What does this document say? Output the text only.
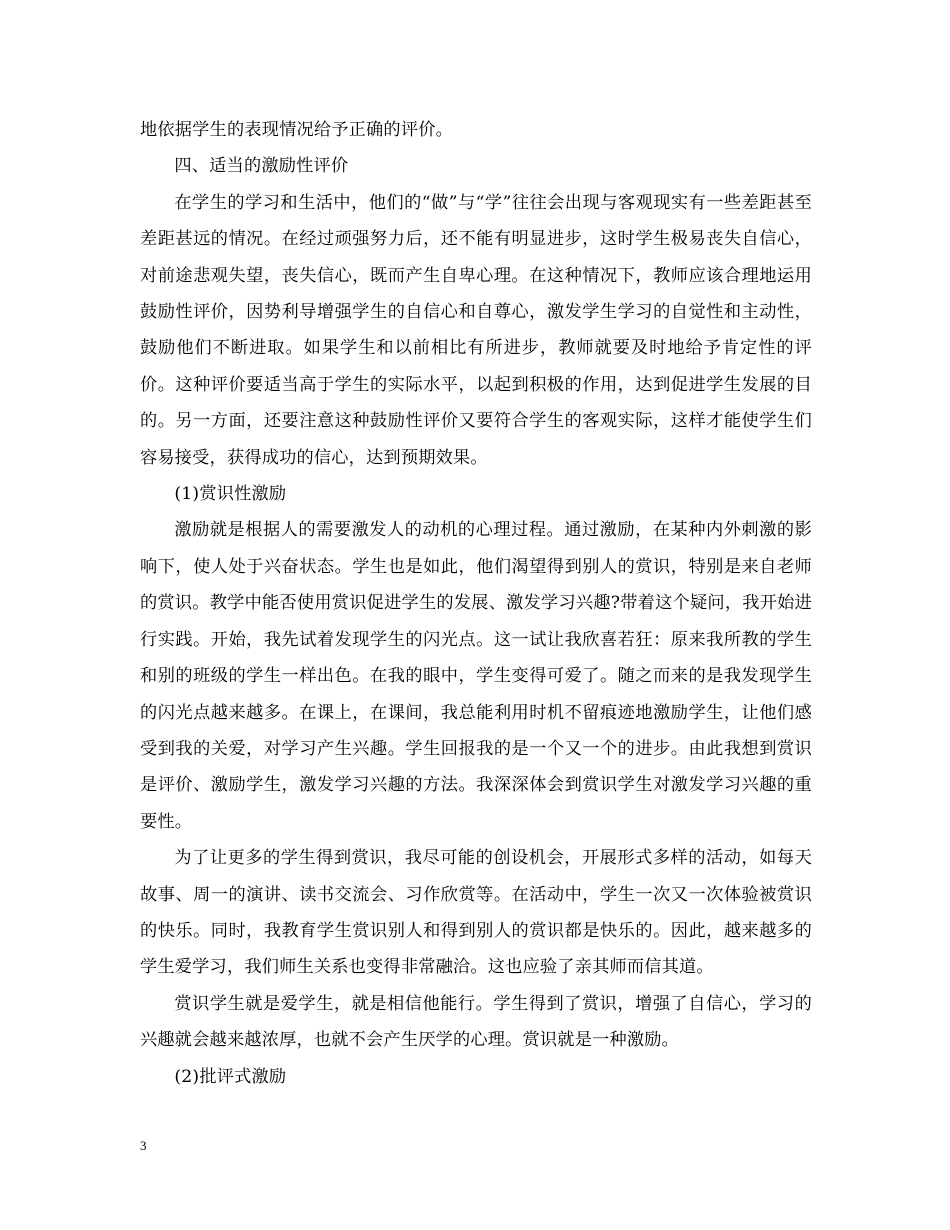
地依据学生的表现情况给予正确的评价。

四、适当的激励性评价

在学生的学习和生活中，他们的“做”与“学”往往会出现与客观现实有一些差距甚至差距甚远的情况。在经过顽强努力后，还不能有明显进步，这时学生极易丧失自信心，对前途悲观失望，丧失信心，既而产生自卑心理。在这种情况下，教师应该合理地运用鼓励性评价，因势利导增强学生的自信心和自尊心，激发学生学习的自觉性和主动性，鼓励他们不断进取。如果学生和以前相比有所进步，教师就要及时地给予肯定性的评价。这种评价要适当高于学生的实际水平，以起到积极的作用，达到促进学生发展的目的。另一方面，还要注意这种鼓励性评价又要符合学生的客观实际，这样才能使学生们容易接受，获得成功的信心，达到预期效果。

(1)赏识性激励

激励就是根据人的需要激发人的动机的心理过程。通过激励，在某种内外刺激的影响下，使人处于兴奋状态。学生也是如此，他们渴望得到别人的赏识，特别是来自老师的赏识。教学中能否使用赏识促进学生的发展、激发学习兴趣?带着这个疑问，我开始进行实践。开始，我先试着发现学生的闪光点。这一试让我欣喜若狂：原来我所教的学生和别的班级的学生一样出色。在我的眼中，学生变得可爱了。随之而来的是我发现学生的闪光点越来越多。在课上，在课间，我总能利用时机不留痕迹地激励学生，让他们感受到我的关爱，对学习产生兴趣。学生回报我的是一个又一个的进步。由此我想到赏识是评价、激励学生，激发学习兴趣的方法。我深深体会到赏识学生对激发学习兴趣的重要性。

为了让更多的学生得到赏识，我尽可能的创设机会，开展形式多样的活动，如每天故事、周一的演讲、读书交流会、习作欣赏等。在活动中，学生一次又一次体验被赏识的快乐。同时，我教育学生赏识别人和得到别人的赏识都是快乐的。因此，越来越多的学生爱学习，我们师生关系也变得非常融洽。这也应验了亲其师而信其道。

赏识学生就是爱学生，就是相信他能行。学生得到了赏识，增强了自信心，学习的兴趣就会越来越浓厚，也就不会产生厌学的心理。赏识就是一种激励。

(2)批评式激励

3
